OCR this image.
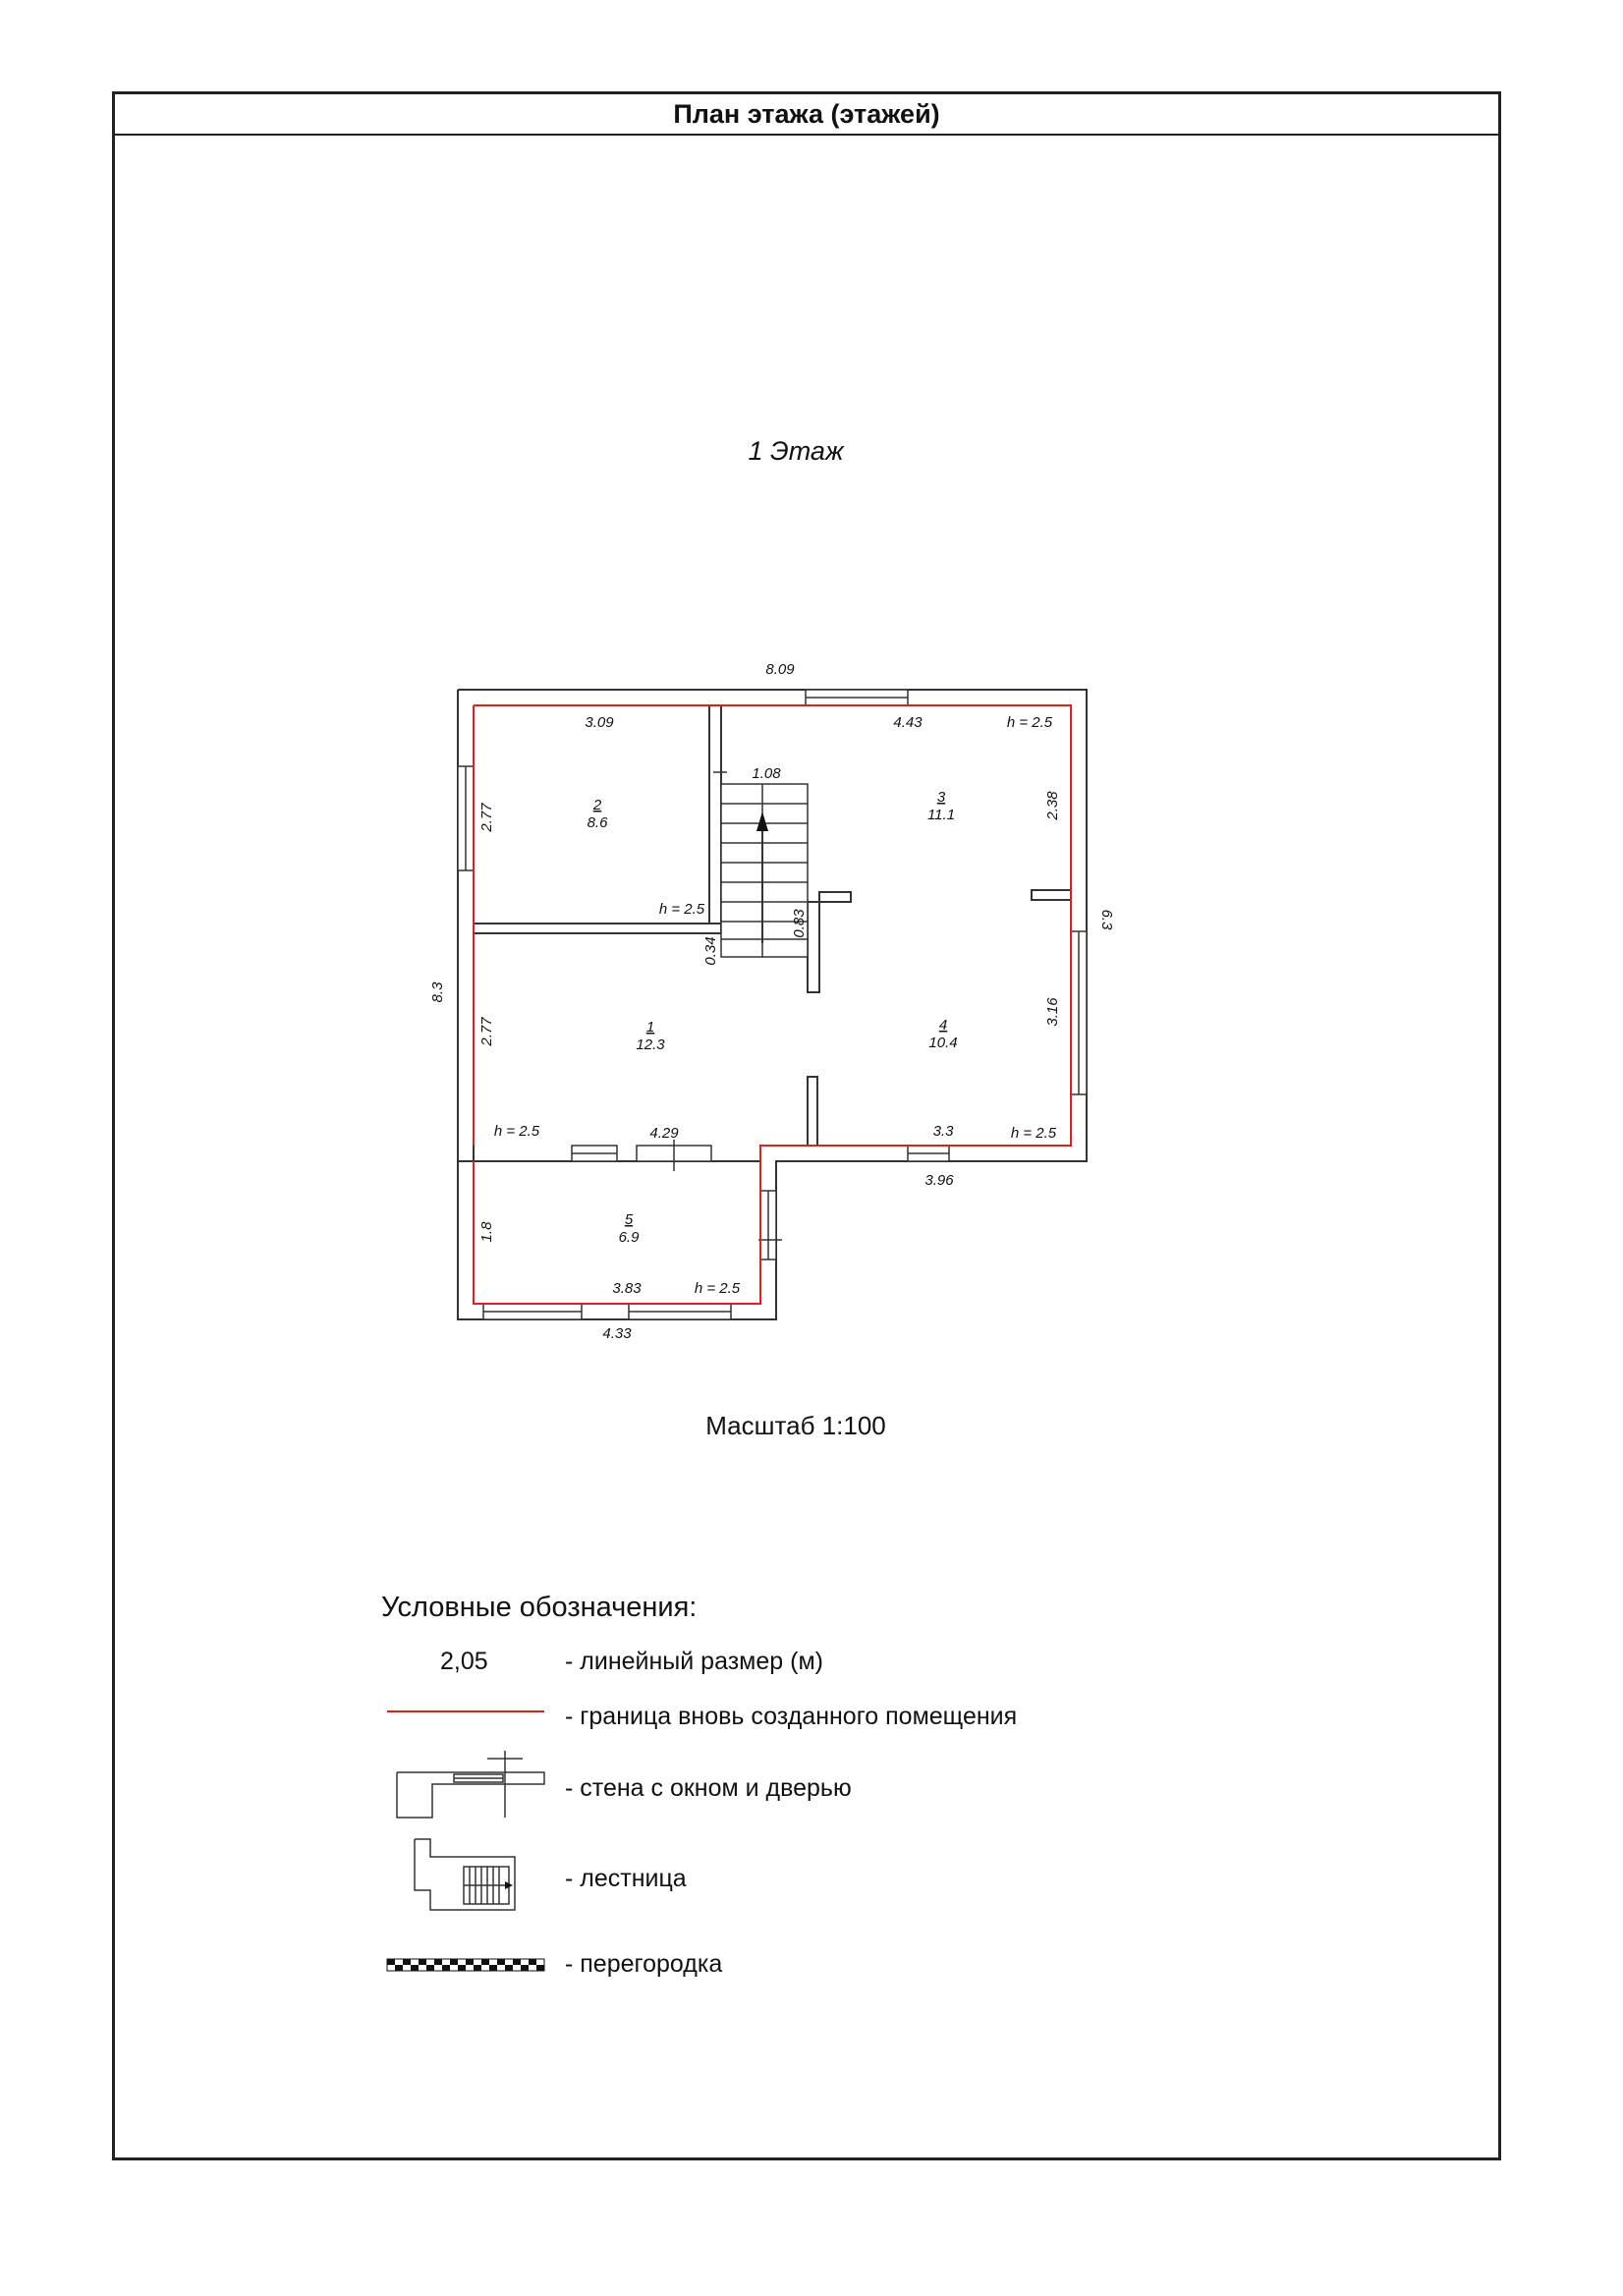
План этажа (этажей)
1 Этаж
8.09
8.3
6.3
3.96
4.33
3.09
2.77
h = 2.5
2
8.6
1.08
0.83
0.34
4.43	h = 2.5
2.38
3
11.1
2.77
h = 2.5	4.29
1
12.3
3.16
3.3	h = 2.5
4
10.4
1.8
3.83	h = 2.5
5
6.9
Масштаб 1:100
Условные обозначения:
2,05	- линейный размер (м)
- граница вновь созданного помещения
- стена с окном и дверью
- лестница
- перегородка
